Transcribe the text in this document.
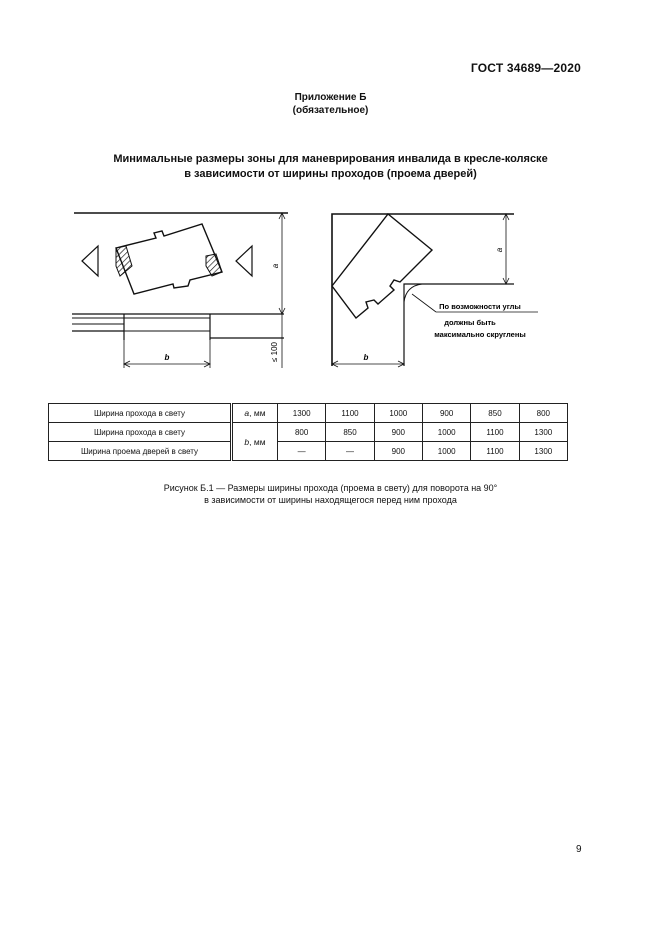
ГОСТ 34689—2020
Приложение Б
(обязательное)
Минимальные размеры зоны для маневрирования инвалида в кресле-коляске
в зависимости от ширины проходов (проема дверей)
a
≤ 100
b
a
b
По возможности углы
должны быть
максимально скруглены
Ширина прохода в свету	a, мм	1300	1100	1000	900	850	800
Ширина прохода в свету	b, мм	800	850	900	1000	1100	1300
Ширина проема дверей в свету		—	—	900	1000	1100	1300
Рисунок Б.1 — Размеры ширины прохода (проема в свету) для поворота на 90°
в зависимости от ширины находящегося перед ним прохода
9
